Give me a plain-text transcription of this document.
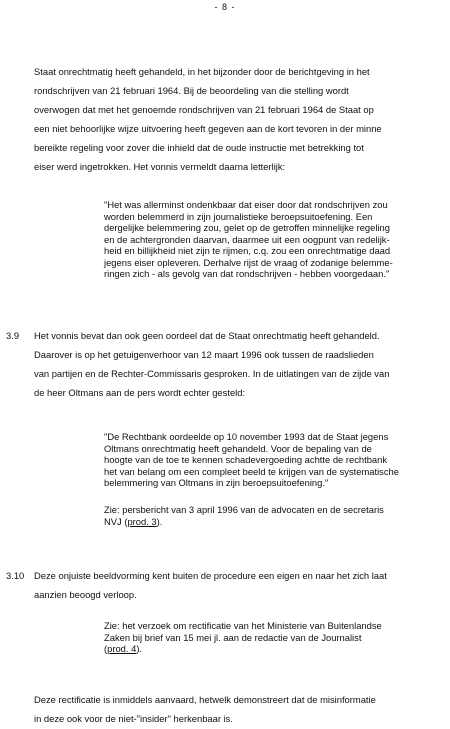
- 8 -
Staat onrechtmatig heeft gehandeld, in het bijzonder door de berichtgeving in het
rondschrijven van 21 februari 1964. Bij de beoordeling van die stelling wordt
overwogen dat met het genoemde rondschrijven van 21 februari 1964 de Staat op
een niet behoorlijke wijze uitvoering heeft gegeven aan de kort tevoren in der minne
bereikte regeling voor zover die inhield dat de oude instructie met betrekking tot
eiser werd ingetrokken. Het vonnis vermeldt daarna letterlijk:
"Het was allerminst ondenkbaar dat eiser door dat rondschrijven zou
worden belemmerd in zijn journalistieke beroepsuitoefening. Een
dergelijke belemmering zou, gelet op de getroffen minnelijke regeling
en de achtergronden daarvan, daarmee uit een oogpunt van redelijk-
heid en billijkheid niet zijn te rijmen, c.q. zou een onrechtmatige daad
jegens eiser opleveren. Derhalve rijst de vraag of zodanige belemme-
ringen zich - als gevolg van dat rondschrijven - hebben voorgedaan."
3.9 Het vonnis bevat dan ook geen oordeel dat de Staat onrechtmatig heeft gehandeld.
Daarover is op het getuigenverhoor van 12 maart 1996 ook tussen de raadslieden
van partijen en de Rechter-Commissaris gesproken. In de uitlatingen van de zijde van
de heer Oltmans aan de pers wordt echter gesteld:
"De Rechtbank oordeelde op 10 november 1993 dat de Staat jegens
Oltmans onrechtmatig heeft gehandeld. Voor de bepaling van de
hoogte van de toe te kennen schadevergoeding achtte de rechtbank
het van belang om een compleet beeld te krijgen van de systematische
belemmering van Oltmans in zijn beroepsuitoefening."
Zie: persbericht van 3 april 1996 van de advocaten en de secretaris
NVJ (prod. 3).
3.10 Deze onjuiste beeldvorming kent buiten de procedure een eigen en naar het zich laat
aanzien beoogd verloop.
Zie: het verzoek om rectificatie van het Ministerie van Buitenlandse
Zaken bij brief van 15 mei jl. aan de redactie van de Journalist
(prod. 4).
Deze rectificatie is inmiddels aanvaard, hetwelk demonstreert dat de misinformatie
in deze ook voor de niet-"insider" herkenbaar is.
